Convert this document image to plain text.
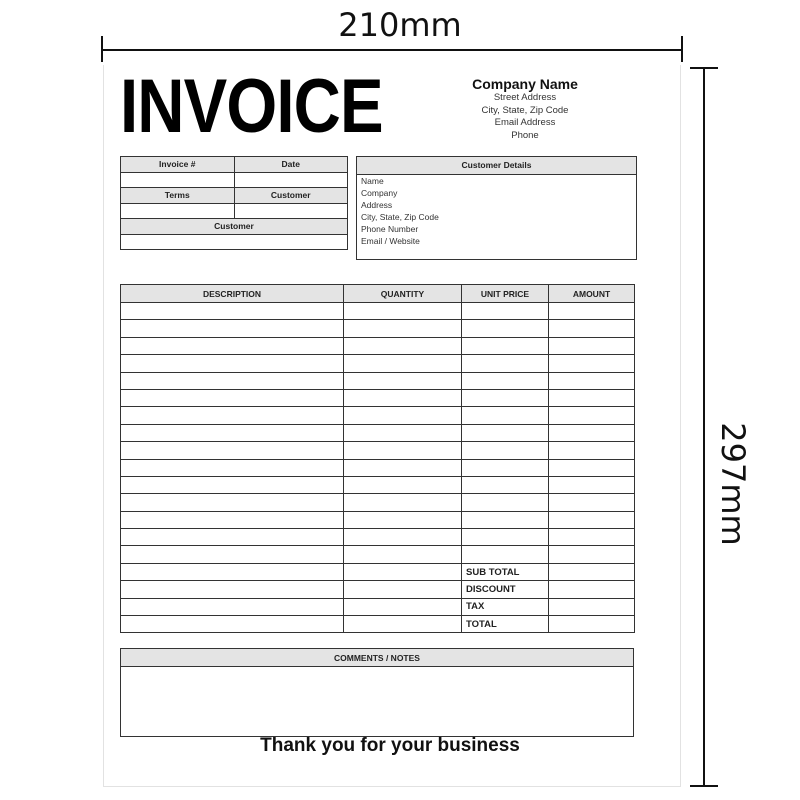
210mm
297mm
INVOICE	Company Name
Street Address
City, State, Zip Code
Email Address
Phone
Invoice #	Date

Terms	Customer

Customer	

Customer Details
Name
Company
Address
City, State, Zip Code
Phone Number
Email / Website
DESCRIPTION	QUANTITY	UNIT PRICE	AMOUNT

		SUB TOTAL	
		DISCOUNT	
		TAX	
		TOTAL	
COMMENTS / NOTES

Thank you for your business
